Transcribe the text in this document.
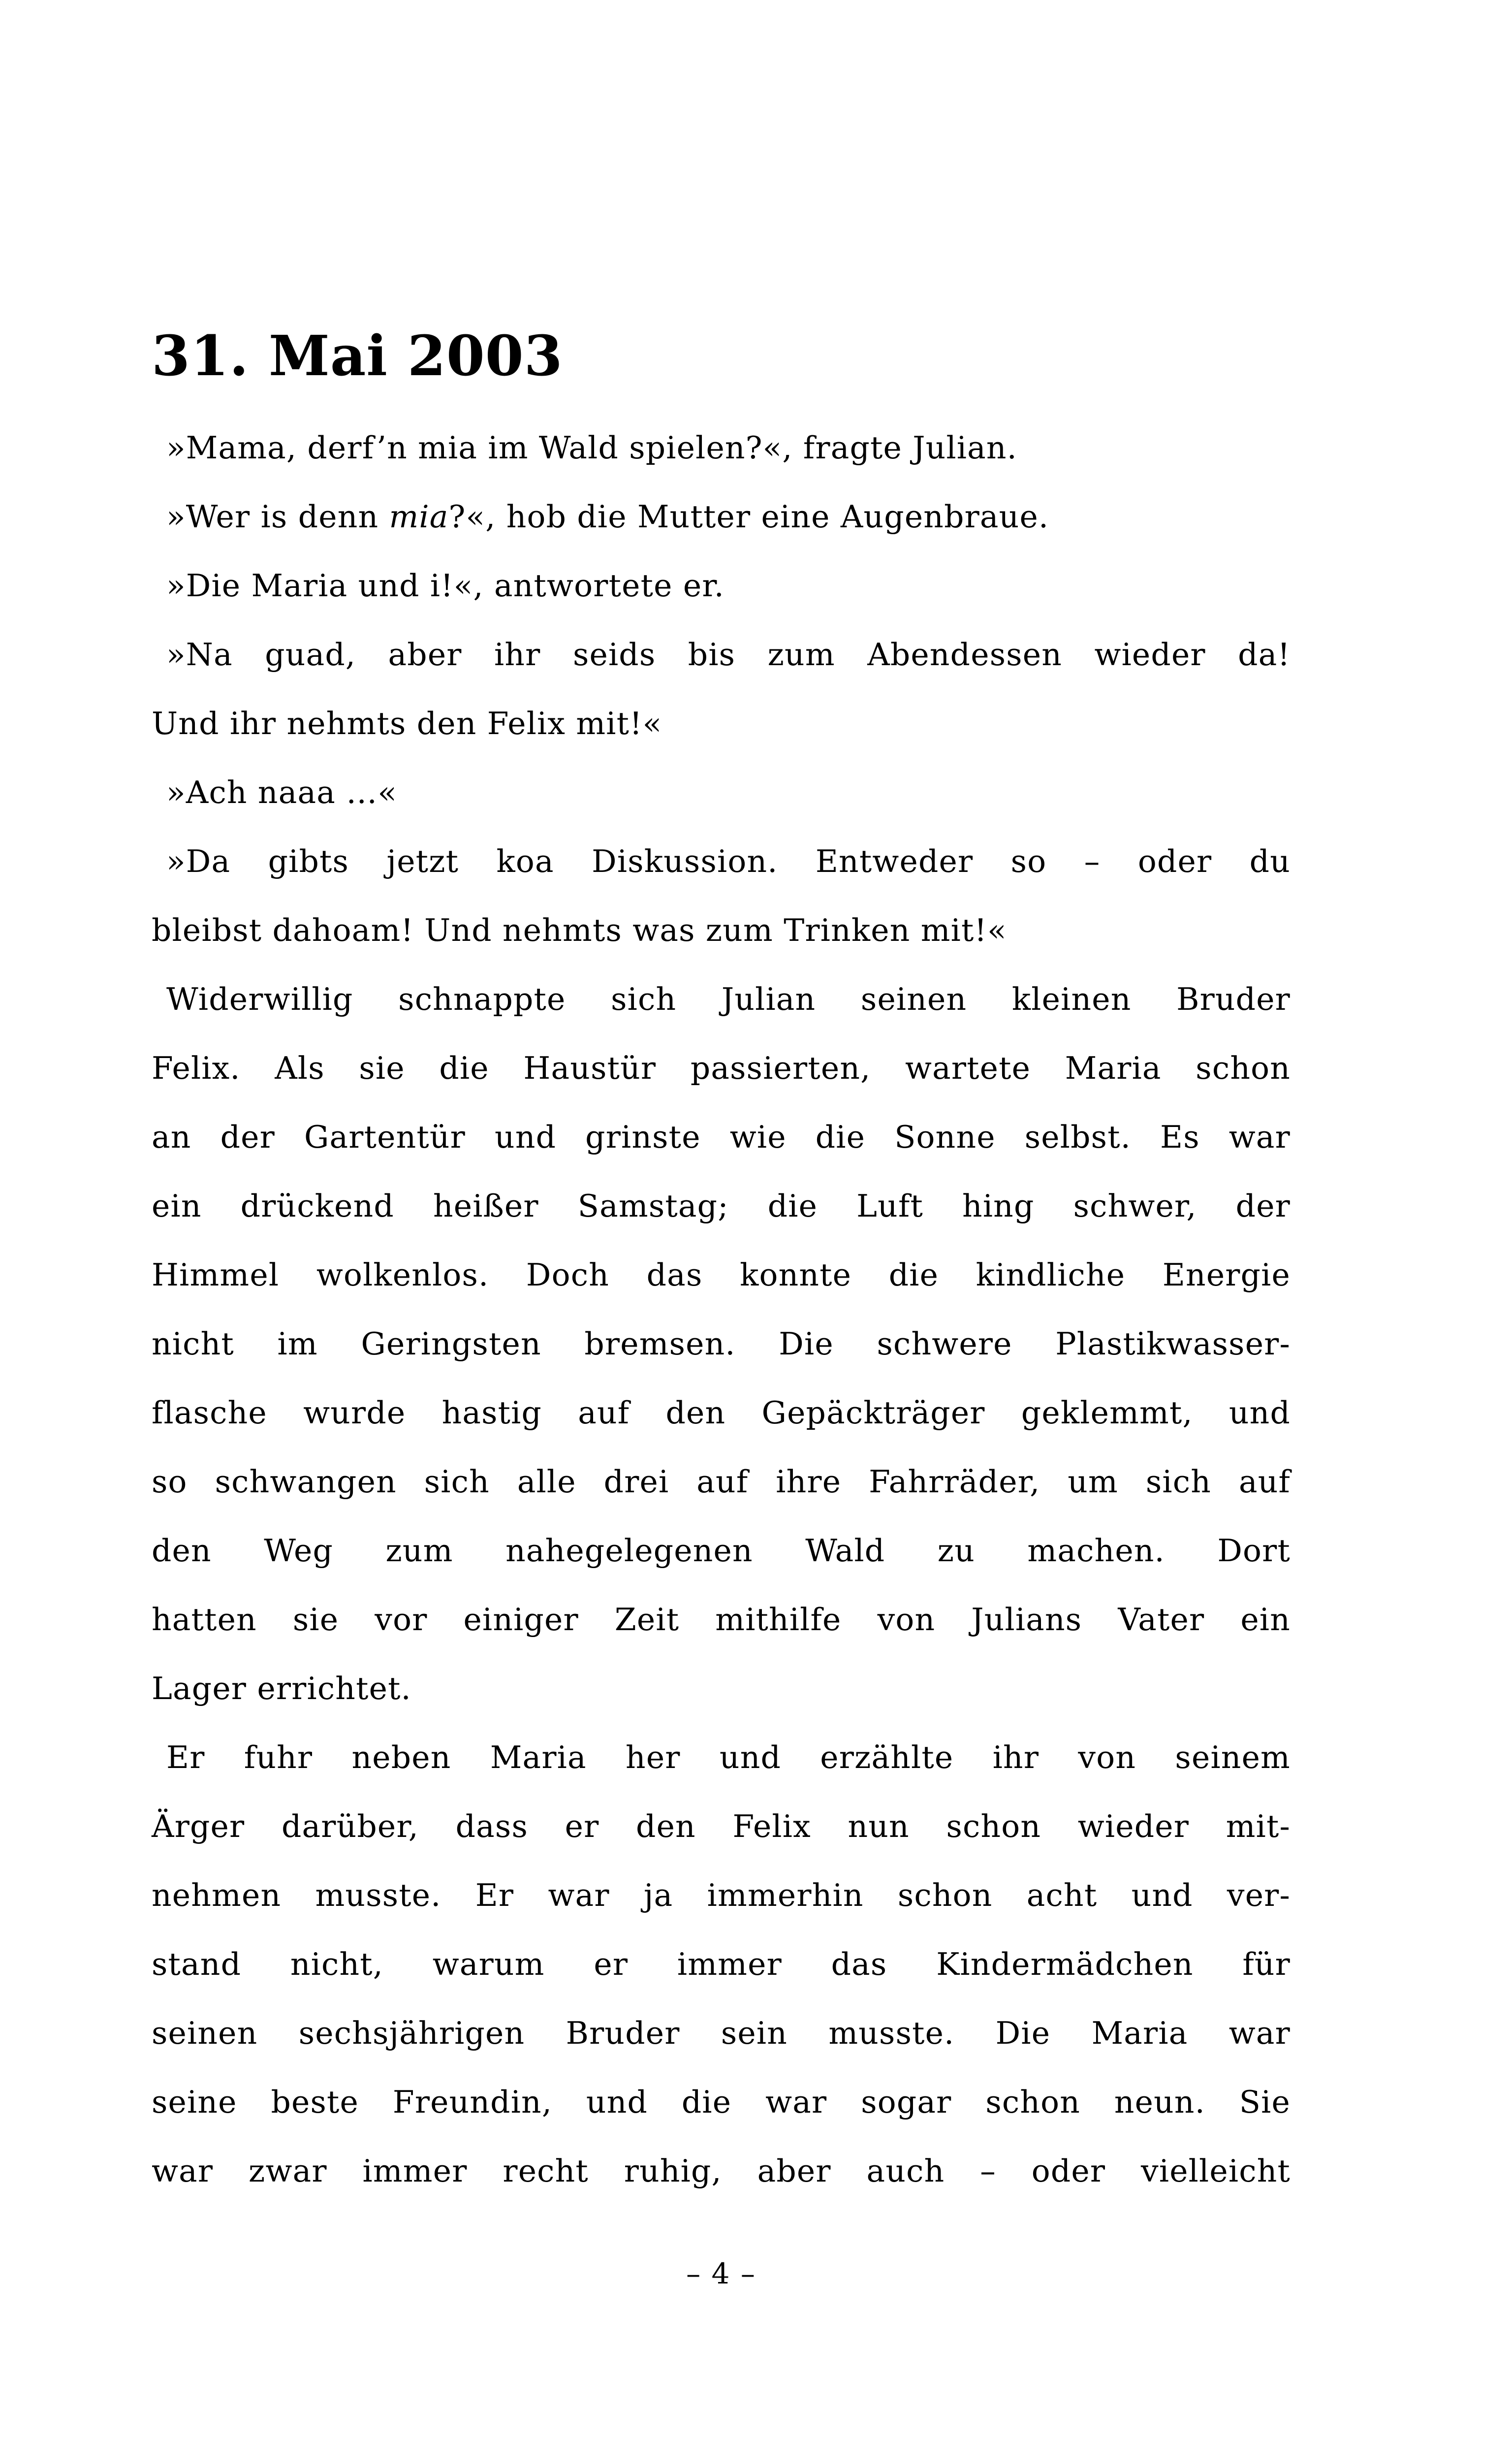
31. Mai 2003
»Mama, derf’n mia im Wald spielen?«, fragte Julian.
»Wer is denn mia?«, hob die Mutter eine Augenbraue.
»Die Maria und i!«, antwortete er.
»Na guad, aber ihr seids bis zum Abendessen wieder da!
Und ihr nehmts den Felix mit!«
»Ach naaa …«
»Da gibts jetzt koa Diskussion. Entweder so – oder du
bleibst dahoam! Und nehmts was zum Trinken mit!«
Widerwillig schnappte sich Julian seinen kleinen Bruder
Felix. Als sie die Haustür passierten, wartete Maria schon
an der Gartentür und grinste wie die Sonne selbst. Es war
ein drückend heißer Samstag; die Luft hing schwer, der
Himmel wolkenlos. Doch das konnte die kindliche Energie
nicht im Geringsten bremsen. Die schwere Plastikwasser-
flasche wurde hastig auf den Gepäckträger geklemmt, und
so schwangen sich alle drei auf ihre Fahrräder, um sich auf
den Weg zum nahegelegenen Wald zu machen. Dort
hatten sie vor einiger Zeit mithilfe von Julians Vater ein
Lager errichtet.
Er fuhr neben Maria her und erzählte ihr von seinem
Ärger darüber, dass er den Felix nun schon wieder mit-
nehmen musste. Er war ja immerhin schon acht und ver-
stand nicht, warum er immer das Kindermädchen für
seinen sechsjährigen Bruder sein musste. Die Maria war
seine beste Freundin, und die war sogar schon neun. Sie
war zwar immer recht ruhig, aber auch – oder vielleicht
– 4 –
